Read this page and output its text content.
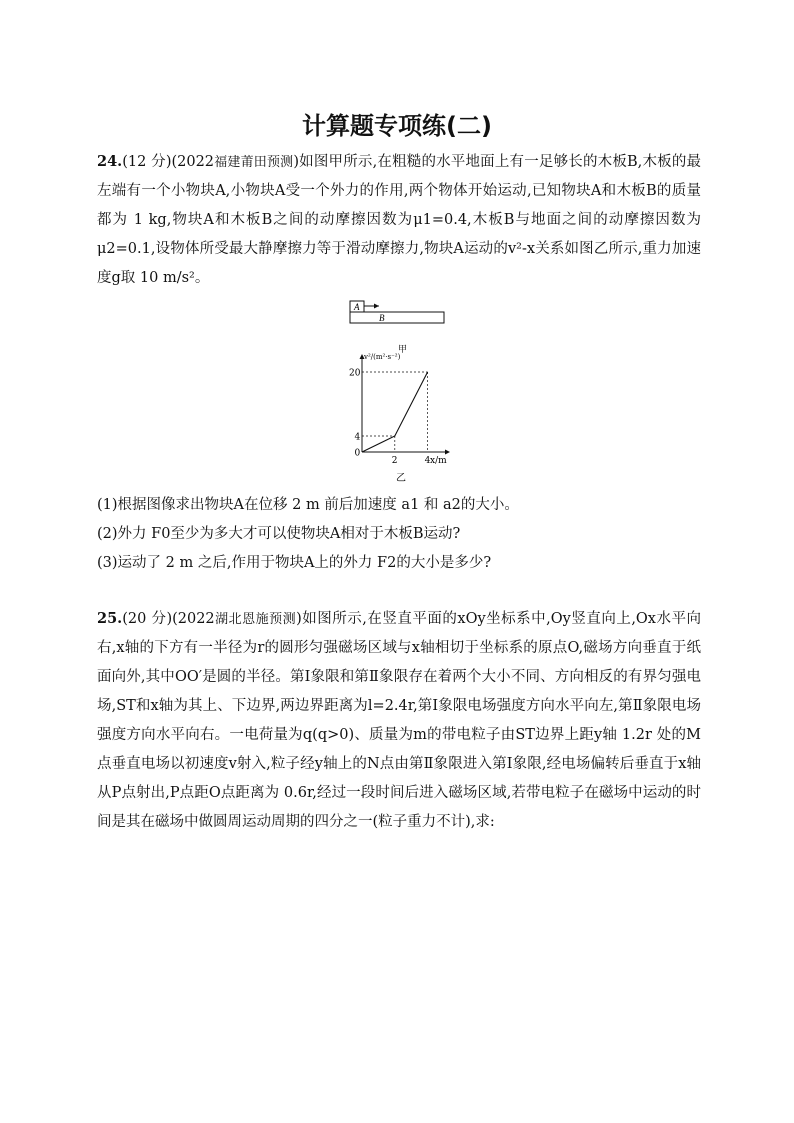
计算题专项练(二)
24.(12 分)(2022福建莆田预测)如图甲所示,在粗糙的水平地面上有一足够长的木板B,木板的最左端有一个小物块A,小物块A受一个外力的作用,两个物体开始运动,已知物块A和木板B的质量都为 1 kg,物块A和木板B之间的动摩擦因数为μ1=0.4,木板B与地面之间的动摩擦因数为μ2=0.1,设物体所受最大静摩擦力等于滑动摩擦力,物块A运动的v²-x关系如图乙所示,重力加速度g取 10 m/s²。
A
B
甲
v²/(m²·s⁻²)
x/m
2	4
0
4
20
乙
(1)根据图像求出物块A在位移 2 m 前后加速度 a1 和 a2的大小。
(2)外力 F0至少为多大才可以使物块A相对于木板B运动?
(3)运动了 2 m 之后,作用于物块A上的外力 F2的大小是多少?
25.(20 分)(2022湖北恩施预测)如图所示,在竖直平面的xOy坐标系中,Oy竖直向上,Ox水平向右,x轴的下方有一半径为r的圆形匀强磁场区域与x轴相切于坐标系的原点O,磁场方向垂直于纸面向外,其中OO′是圆的半径。第Ⅰ象限和第Ⅱ象限存在着两个大小不同、方向相反的有界匀强电场,ST和x轴为其上、下边界,两边界距离为l=2.4r,第Ⅰ象限电场强度方向水平向左,第Ⅱ象限电场强度方向水平向右。一电荷量为q(q>0)、质量为m的带电粒子由ST边界上距y轴 1.2r 处的M点垂直电场以初速度v射入,粒子经y轴上的N点由第Ⅱ象限进入第Ⅰ象限,经电场偏转后垂直于x轴从P点射出,P点距O点距离为 0.6r,经过一段时间后进入磁场区域,若带电粒子在磁场中运动的时间是其在磁场中做圆周运动周期的四分之一(粒子重力不计),求:
